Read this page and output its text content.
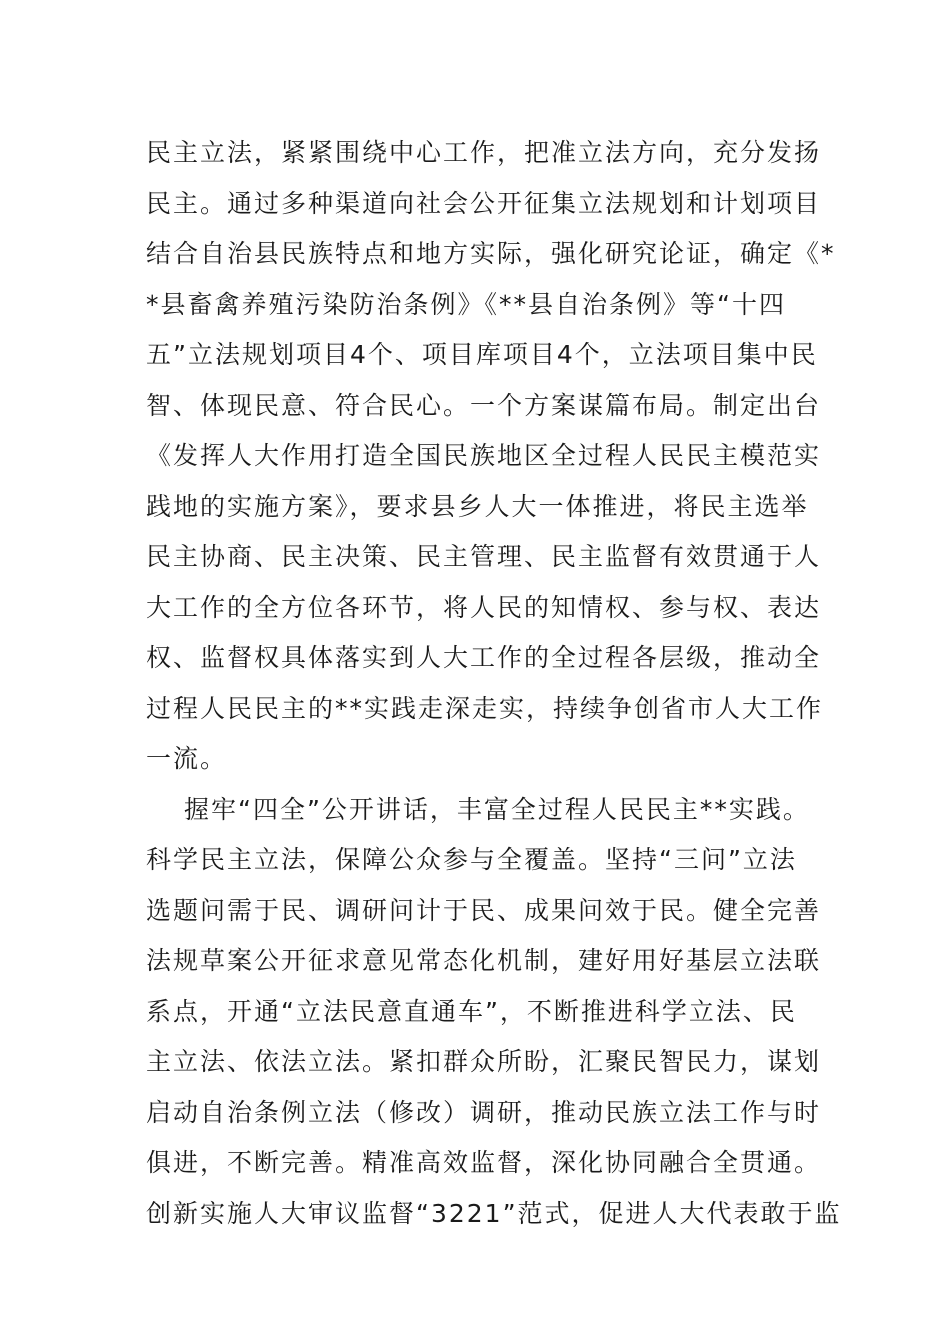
民主立法，紧紧围绕中心工作，把准立法方向，充分发扬
民主。通过多种渠道向社会公开征集立法规划和计划项目
结合自治县民族特点和地方实际，强化研究论证，确定《*
*县畜禽养殖污染防治条例》《**县自治条例》等“十四
五”立法规划项目4个、项目库项目4个，立法项目集中民
智、体现民意、符合民心。一个方案谋篇布局。制定出台
《发挥人大作用打造全国民族地区全过程人民民主模范实
践地的实施方案》，要求县乡人大一体推进，将民主选举
民主协商、民主决策、民主管理、民主监督有效贯通于人
大工作的全方位各环节，将人民的知情权、参与权、表达
权、监督权具体落实到人大工作的全过程各层级，推动全
过程人民民主的**实践走深走实，持续争创省市人大工作
一流。
握牢“四全”公开讲话，丰富全过程人民民主**实践。
科学民主立法，保障公众参与全覆盖。坚持“三问”立法
选题问需于民、调研问计于民、成果问效于民。健全完善
法规草案公开征求意见常态化机制，建好用好基层立法联
系点，开通“立法民意直通车”，不断推进科学立法、民
主立法、依法立法。紧扣群众所盼，汇聚民智民力，谋划
启动自治条例立法（修改）调研，推动民族立法工作与时
俱进，不断完善。精准高效监督，深化协同融合全贯通。
创新实施人大审议监督“3221”范式，促进人大代表敢于监
